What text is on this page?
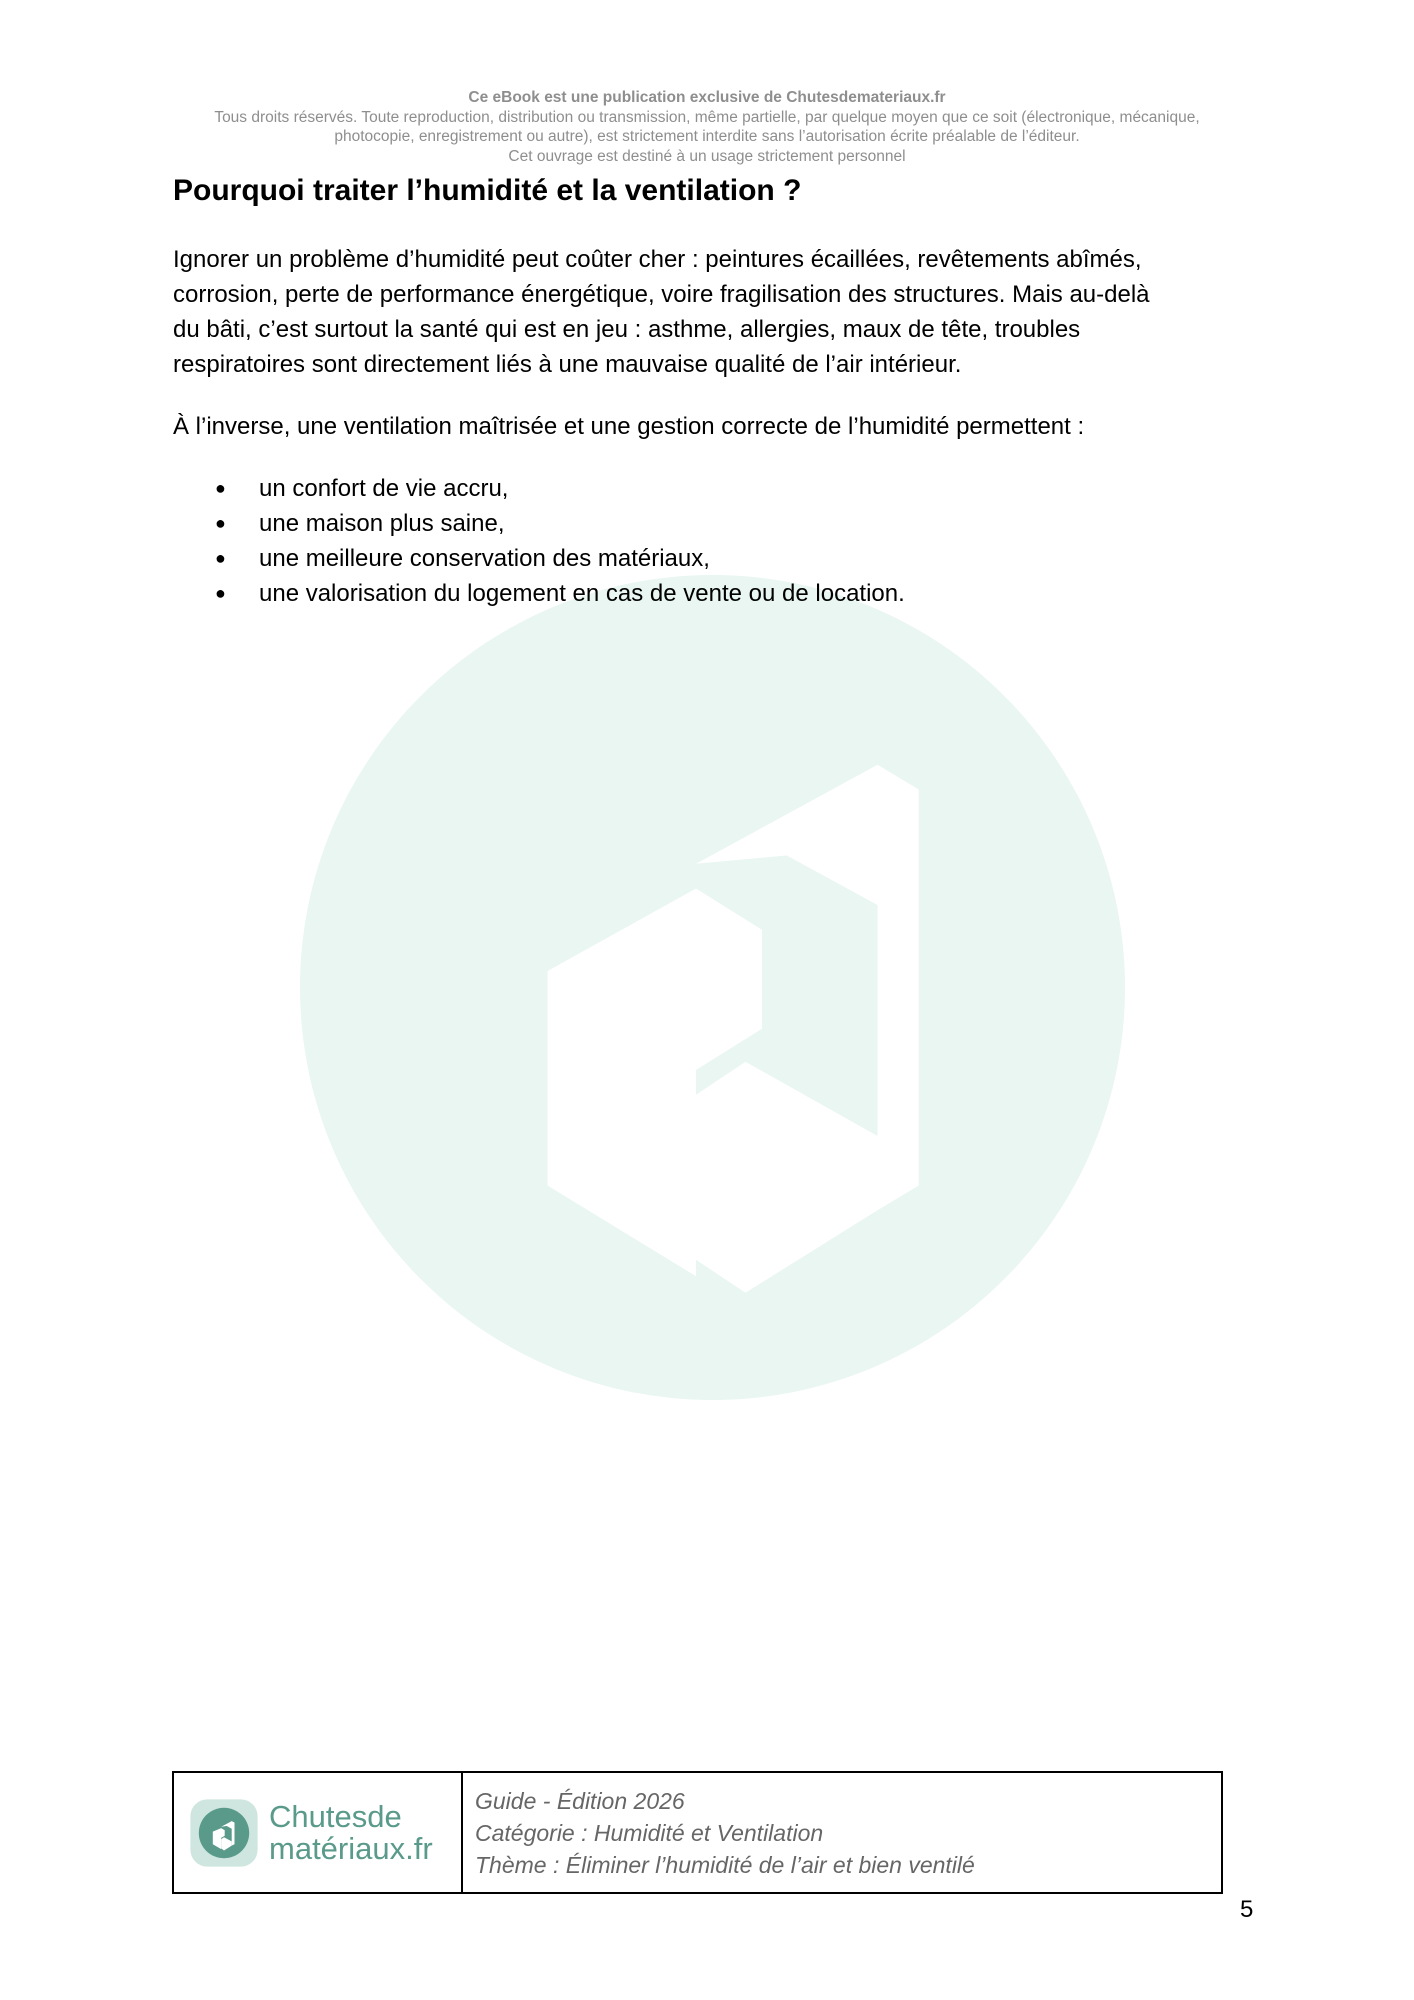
Ce eBook est une publication exclusive de Chutesdemateriaux.fr
Tous droits réservés. Toute reproduction, distribution ou transmission, même partielle, par quelque moyen que ce soit (électronique, mécanique,
photocopie, enregistrement ou autre), est strictement interdite sans l’autorisation écrite préalable de l’éditeur.
Cet ouvrage est destiné à un usage strictement personnel
Pourquoi traiter l’humidité et la ventilation ?

Ignorer un problème d’humidité peut coûter cher : peintures écaillées, revêtements abîmés,
corrosion, perte de performance énergétique, voire fragilisation des structures. Mais au-delà
du bâti, c’est surtout la santé qui est en jeu : asthme, allergies, maux de tête, troubles
respiratoires sont directement liés à une mauvaise qualité de l’air intérieur.

À l’inverse, une ventilation maîtrisée et une gestion correcte de l’humidité permettent :

● un confort de vie accru,
● une maison plus saine,
● une meilleure conservation des matériaux,
● une valorisation du logement en cas de vente ou de location.
Chutesde
matériaux.fr
Guide - Édition 2026
Catégorie : Humidité et Ventilation
Thème : Éliminer l’humidité de l’air et bien ventilé
5
